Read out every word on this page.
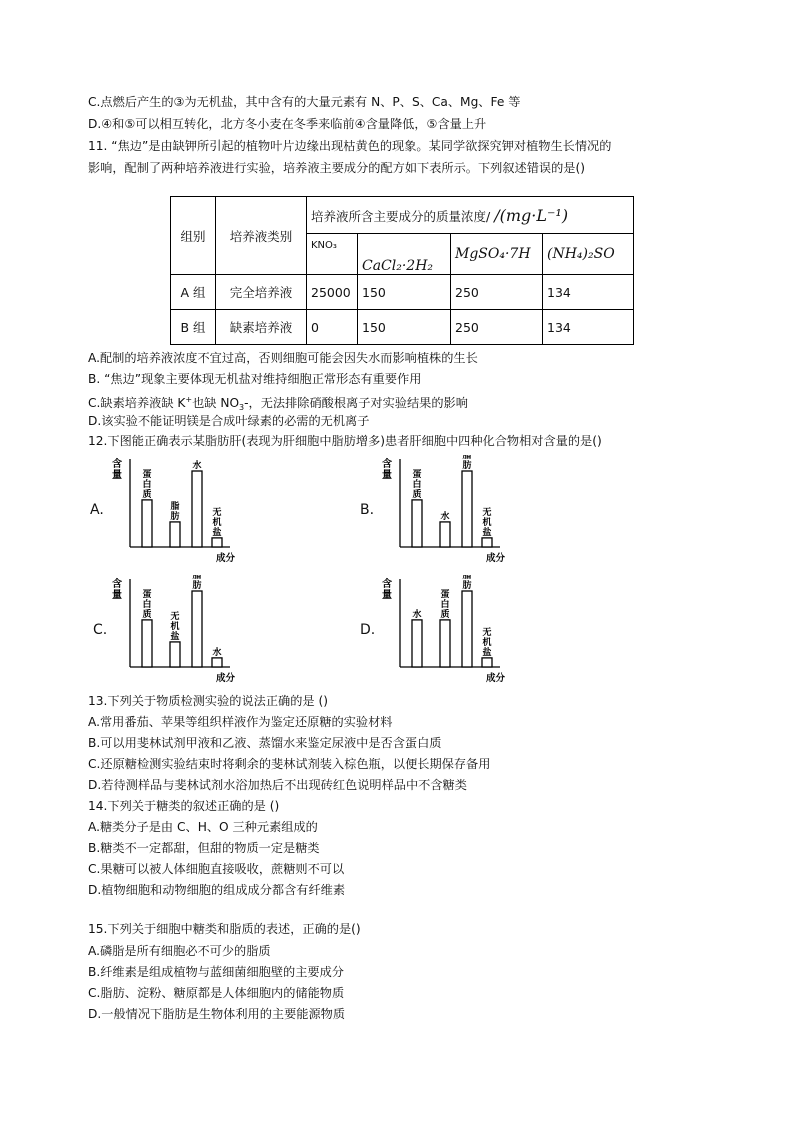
C.点燃后产生的③为无机盐，其中含有的大量元素有 N、P、S、Ca、Mg、Fe 等
D.④和⑤可以相互转化，北方冬小麦在冬季来临前④含量降低，⑤含量上升
11. “焦边”是由缺钾所引起的植物叶片边缘出现枯黄色的现象。某同学欲探究钾对植物生长情况的
影响，配制了两种培养液进行实验，培养液主要成分的配方如下表所示。下列叙述错误的是()
组别	培养液类别	培养液所含主要成分的质量浓度/ /(mg·L⁻¹)			
		KNO₃	CaCl₂·2H₂	MgSO₄·7H	(NH₄)₂SO
A 组	完全培养液	25000	150	250	134
B 组	缺素培养液	0	150	250	134
A.配制的培养液浓度不宜过高，否则细胞可能会因失水而影响植株的生长
B. “焦边”现象主要体现无机盐对维持细胞正常形态有重要作用
C.缺素培养液缺 K+也缺 $NO_3-$，无法排除硝酸根离子对实验结果的影响
D.该实验不能证明镁是合成叶绿素的必需的无机离子
12.下图能正确表示某脂肪肝(表现为肝细胞中脂肪增多)患者肝细胞中四种化合物相对含量的是()
A.
含
量
成分
蛋
白
质
脂
肪
水
无
机
盐
B.
含
量
成分
蛋
白
质
水
脂
肪
无
机
盐
C.
含
量
成分
蛋
白
质 无
机
盐
脂
肪
水
D.
含
量
成分
水
蛋
白
质
脂
肪
无
机
盐
13.下列关于物质检测实验的说法正确的是 ()
A.常用番茄、苹果等组织样液作为鉴定还原糖的实验材料
B.可以用斐林试剂甲液和乙液、蒸馏水来鉴定尿液中是否含蛋白质
C.还原糖检测实验结束时将剩余的斐林试剂装入棕色瓶，以便长期保存备用
D.若待测样品与斐林试剂水浴加热后不出现砖红色说明样品中不含糖类
14.下列关于糖类的叙述正确的是 ()
A.糖类分子是由 C、H、O 三种元素组成的
B.糖类不一定都甜，但甜的物质一定是糖类
C.果糖可以被人体细胞直接吸收，蔗糖则不可以
D.植物细胞和动物细胞的组成成分都含有纤维素
15.下列关于细胞中糖类和脂质的表述，正确的是()
A.磷脂是所有细胞必不可少的脂质
B.纤维素是组成植物与蓝细菌细胞壁的主要成分
C.脂肪、淀粉、糖原都是人体细胞内的储能物质
D.一般情况下脂肪是生物体利用的主要能源物质
